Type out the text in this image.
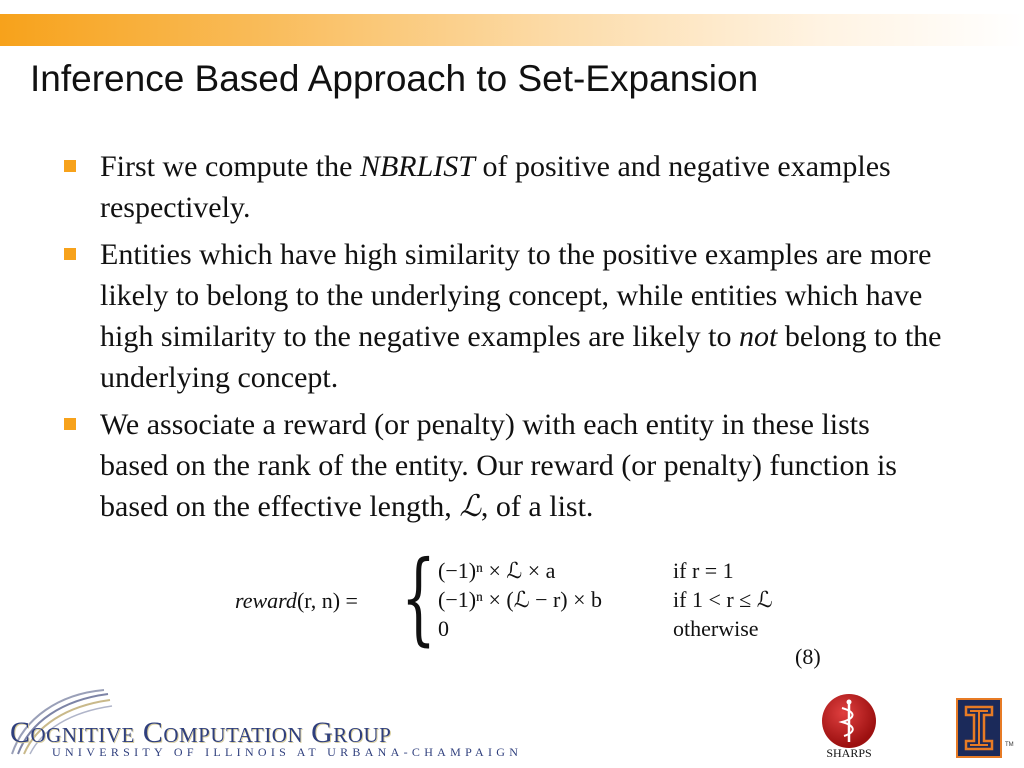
Inference Based Approach to Set-Expansion
First we compute the NBRLIST of positive and negative examples respectively.
Entities which have high similarity to the positive examples are more likely to belong to the underlying concept, while entities which have high similarity to the negative examples are likely to not belong to the underlying concept.
We associate a reward (or penalty) with each entity in these lists based on the rank of the entity. Our reward (or penalty) function is based on the effective length, ℒ, of a list.
reward(r, n) = { (−1)ⁿ × ℒ × a	if r = 1
(−1)ⁿ × (ℒ − r) × b	if 1 < r ≤ ℒ
0	otherwise
(8)
Cognitive Computation Group
UNIVERSITY OF ILLINOIS AT URBANA-CHAMPAIGN	SHARPS
TM
